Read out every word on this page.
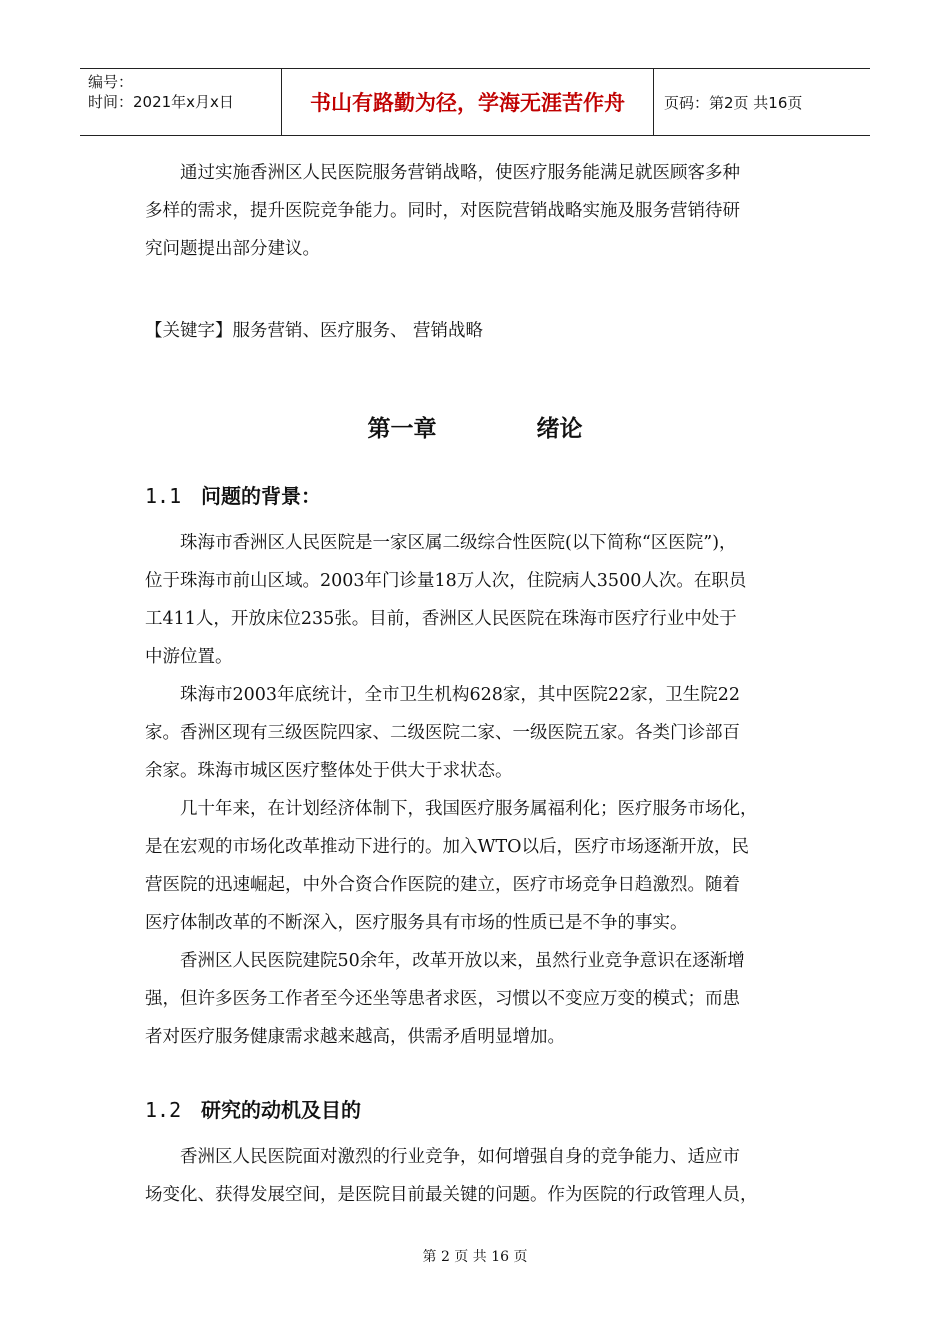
编号：
时间：2021年x月x日	书山有路勤为径，学海无涯苦作舟	页码：第2页 共16页
通过实施香洲区人民医院服务营销战略，使医疗服务能满足就医顾客多种
多样的需求，提升医院竞争能力。同时，对医院营销战略实施及服务营销待研
究问题提出部分建议。
【关键字】服务营销、医疗服务、 营销战略
第一章	绪论
1.1 问题的背景：
珠海市香洲区人民医院是一家区属二级综合性医院(以下简称“区医院”)，
位于珠海市前山区域。2003年门诊量18万人次，住院病人3500人次。在职员
工411人，开放床位235张。目前，香洲区人民医院在珠海市医疗行业中处于
中游位置。
珠海市2003年底统计，全市卫生机构628家，其中医院22家，卫生院22
家。香洲区现有三级医院四家、二级医院二家、一级医院五家。各类门诊部百
余家。珠海市城区医疗整体处于供大于求状态。
几十年来，在计划经济体制下，我国医疗服务属福利化；医疗服务市场化，
是在宏观的市场化改革推动下进行的。加入WTO以后，医疗市场逐渐开放，民
营医院的迅速崛起，中外合资合作医院的建立，医疗市场竞争日趋激烈。随着
医疗体制改革的不断深入，医疗服务具有市场的性质已是不争的事实。
香洲区人民医院建院50余年，改革开放以来，虽然行业竞争意识在逐渐增
强，但许多医务工作者至今还坐等患者求医，习惯以不变应万变的模式；而患
者对医疗服务健康需求越来越高，供需矛盾明显增加。
1.2 研究的动机及目的
香洲区人民医院面对激烈的行业竞争，如何增强自身的竞争能力、适应市
场变化、获得发展空间，是医院目前最关键的问题。作为医院的行政管理人员，
第 2 页 共 16 页
